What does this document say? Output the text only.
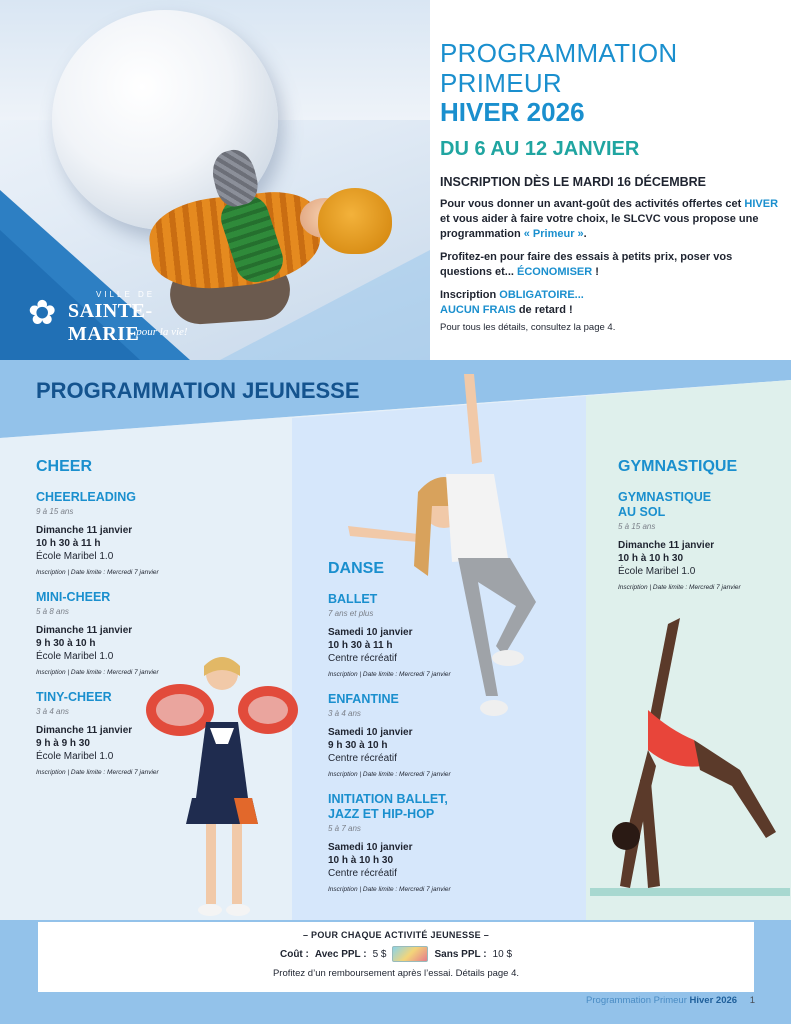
✿	VILLE DE
SAINTE-MARIE
...pour la vie!
PROGRAMMATION
PRIMEUR
HIVER 2026
DU 6 AU 12 JANVIER
INSCRIPTION DÈS LE MARDI 16 DÉCEMBRE

Pour vous donner un avant-goût des activités offertes cet HIVER et vous aider à faire votre choix, le SLCVC vous propose une programmation « Primeur ».

Profitez-en pour faire des essais à petits prix, poser vos questions et... ÉCONOMISER !

Inscription OBLIGATOIRE...
AUCUN FRAIS de retard !

Pour tous les détails, consultez la page 4.
PROGRAMMATION JEUNESSE
CHEER
CHEERLEADING
9 à 15 ans
Dimanche 11 janvier
10 h 30 à 11 h
École Maribel 1.0
Inscription | Date limite : Mercredi 7 janvier
MINI-CHEER
5 à 8 ans
Dimanche 11 janvier
9 h 30 à 10 h
École Maribel 1.0
Inscription | Date limite : Mercredi 7 janvier
TINY-CHEER
3 à 4 ans
Dimanche 11 janvier
9 h à 9 h 30
École Maribel 1.0
Inscription | Date limite : Mercredi 7 janvier
DANSE
BALLET
7 ans et plus
Samedi 10 janvier
10 h 30 à 11 h
Centre récréatif
Inscription | Date limite : Mercredi 7 janvier
ENFANTINE
3 à 4 ans
Samedi 10 janvier
9 h 30 à 10 h
Centre récréatif
Inscription | Date limite : Mercredi 7 janvier
INITIATION BALLET,
JAZZ ET HIP-HOP
5 à 7 ans
Samedi 10 janvier
10 h à 10 h 30
Centre récréatif
Inscription | Date limite : Mercredi 7 janvier
GYMNASTIQUE
GYMNASTIQUE
AU SOL
5 à 15 ans
Dimanche 11 janvier
10 h à 10 h 30
École Maribel 1.0
Inscription | Date limite : Mercredi 7 janvier
– POUR CHAQUE ACTIVITÉ JEUNESSE –
Coût : Avec PPL : 5 $	Sans PPL : 10 $
Profitez d’un remboursement après l’essai. Détails page 4.
Programmation Primeur Hiver 2026 1
